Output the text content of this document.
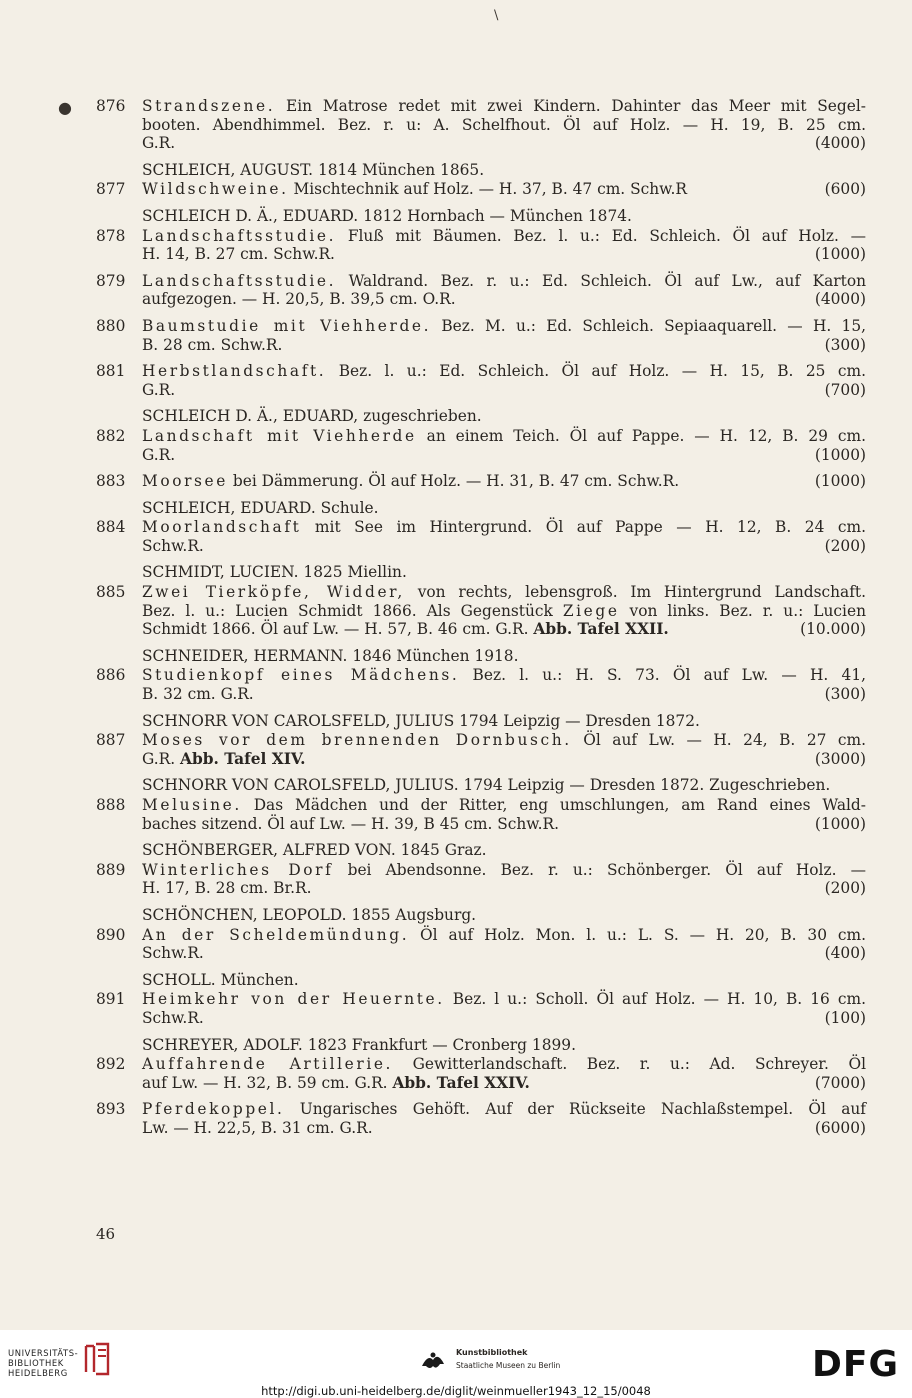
\
● 876	Strandszene. Ein Matrose redet mit zwei Kindern. Dahinter das Meer mit Segel-
booten. Abendhimmel. Bez. r. u: A. Schelfhout. Öl auf Holz. — H. 19, B. 25 cm.
G.R.	(4000)
SCHLEICH, AUGUST. 1814 München 1865.
877	Wildschweine. Mischtechnik auf Holz. — H. 37, B. 47 cm. Schw.R	(600)
SCHLEICH D. Ä., EDUARD. 1812 Hornbach — München 1874.
878	Landschaftsstudie. Fluß mit Bäumen. Bez. l. u.: Ed. Schleich. Öl auf Holz. —
H. 14, B. 27 cm. Schw.R.	(1000)
879	Landschaftsstudie. Waldrand. Bez. r. u.: Ed. Schleich. Öl auf Lw., auf Karton
aufgezogen. — H. 20,5, B. 39,5 cm. O.R.	(4000)
880	Baumstudie mit Viehherde. Bez. M. u.: Ed. Schleich. Sepiaaquarell. — H. 15,
B. 28 cm. Schw.R.	(300)
881	Herbstlandschaft. Bez. l. u.: Ed. Schleich. Öl auf Holz. — H. 15, B. 25 cm.
G.R.	(700)
SCHLEICH D. Ä., EDUARD, zugeschrieben.
882	Landschaft mit Viehherde an einem Teich. Öl auf Pappe. — H. 12, B. 29 cm.
G.R.	(1000)
883	Moorsee bei Dämmerung. Öl auf Holz. — H. 31, B. 47 cm. Schw.R.	(1000)
SCHLEICH, EDUARD. Schule.
884	Moorlandschaft mit See im Hintergrund. Öl auf Pappe — H. 12, B. 24 cm.
Schw.R.	(200)
SCHMIDT, LUCIEN. 1825 Miellin.
885	Zwei Tierköpfe, Widder, von rechts, lebensgroß. Im Hintergrund Landschaft.
Bez. l. u.: Lucien Schmidt 1866. Als Gegenstück Ziege von links. Bez. r. u.: Lucien
Schmidt 1866. Öl auf Lw. — H. 57, B. 46 cm. G.R. Abb. Tafel XXII.	(10.000)
SCHNEIDER, HERMANN. 1846 München 1918.
886	Studienkopf eines Mädchens. Bez. l. u.: H. S. 73. Öl auf Lw. — H. 41,
B. 32 cm. G.R.	(300)
SCHNORR VON CAROLSFELD, JULIUS 1794 Leipzig — Dresden 1872.
887	Moses vor dem brennenden Dornbusch. Öl auf Lw. — H. 24, B. 27 cm.
G.R. Abb. Tafel XIV.	(3000)
SCHNORR VON CAROLSFELD, JULIUS. 1794 Leipzig — Dresden 1872. Zugeschrieben.
888	Melusine. Das Mädchen und der Ritter, eng umschlungen, am Rand eines Wald-
baches sitzend. Öl auf Lw. — H. 39, B 45 cm. Schw.R.	(1000)
SCHÖNBERGER, ALFRED VON. 1845 Graz.
889	Winterliches Dorf bei Abendsonne. Bez. r. u.: Schönberger. Öl auf Holz. —
H. 17, B. 28 cm. Br.R.	(200)
SCHÖNCHEN, LEOPOLD. 1855 Augsburg.
890	An der Scheldemündung. Öl auf Holz. Mon. l. u.: L. S. — H. 20, B. 30 cm.
Schw.R.	(400)
SCHOLL. München.
891	Heimkehr von der Heuernte. Bez. l u.: Scholl. Öl auf Holz. — H. 10, B. 16 cm.
Schw.R.	(100)
SCHREYER, ADOLF. 1823 Frankfurt — Cronberg 1899.
892	Auffahrende Artillerie. Gewitterlandschaft. Bez. r. u.: Ad. Schreyer. Öl
auf Lw. — H. 32, B. 59 cm. G.R. Abb. Tafel XXIV.	(7000)
893	Pferdekoppel. Ungarisches Gehöft. Auf der Rückseite Nachlaßstempel. Öl auf
Lw. — H. 22,5, B. 31 cm. G.R.	(6000)
46
UNIVERSITÄTS-
BIBLIOTHEK
HEIDELBERG
Kunstbibliothek
Staatliche Museen zu Berlin	DFG
http://digi.ub.uni-heidelberg.de/diglit/weinmueller1943_12_15/0048
